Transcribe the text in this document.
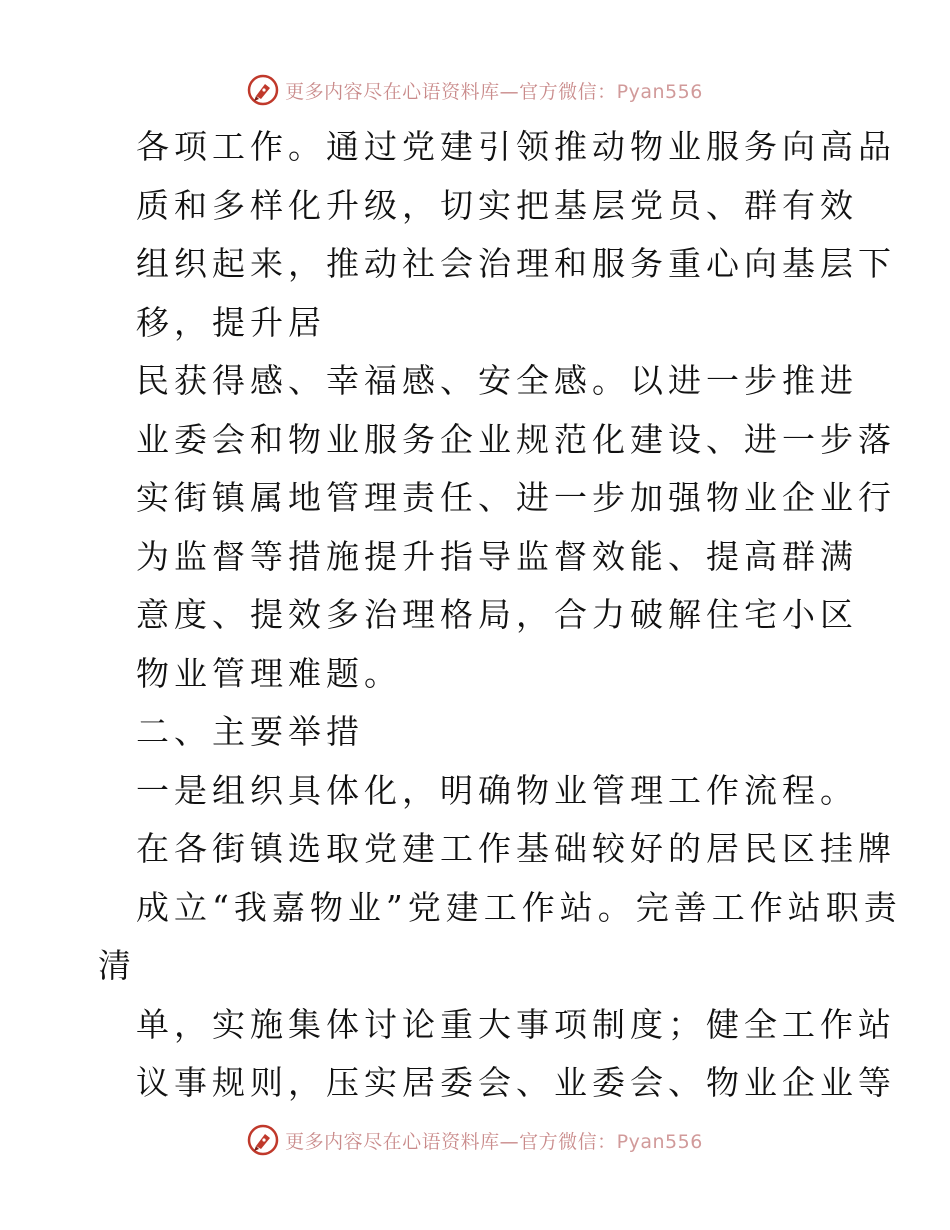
更多内容尽在心语资料库—官方微信：Pyan556
各项工作。通过党建引领推动物业服务向高品
质和多样化升级，切实把基层党员、群有效
组织起来，推动社会治理和服务重心向基层下
移，提升居
民获得感、幸福感、安全感。以进一步推进
业委会和物业服务企业规范化建设、进一步落
实街镇属地管理责任、进一步加强物业企业行
为监督等措施提升指导监督效能、提高群满
意度、提效多治理格局，合力破解住宅小区
物业管理难题。
二、主要举措
一是组织具体化，明确物业管理工作流程。
在各街镇选取党建工作基础较好的居民区挂牌
成立“我嘉物业”党建工作站。完善工作站职责
清
单，实施集体讨论重大事项制度；健全工作站
议事规则，压实居委会、业委会、物业企业等
更多内容尽在心语资料库—官方微信：Pyan556
